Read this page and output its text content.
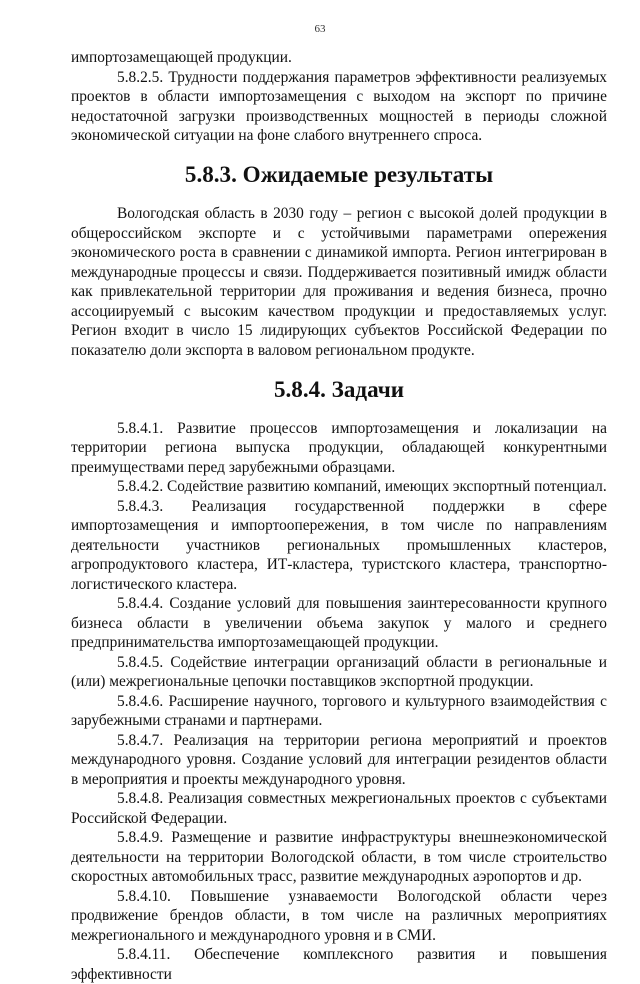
63

импортозамещающей продукции.

5.8.2.5. Трудности поддержания параметров эффективности реализуемых проектов в области импортозамещения с выходом на экспорт по причине недостаточной загрузки производственных мощностей в периоды сложной экономической ситуации на фоне слабого внутреннего спроса.

5.8.3. Ожидаемые результаты

Вологодская область в 2030 году – регион с высокой долей продукции в общероссийском экспорте и с устойчивыми параметрами опережения экономического роста в сравнении с динамикой импорта. Регион интегрирован в международные процессы и связи. Поддерживается позитивный имидж области как привлекательной территории для проживания и ведения бизнеса, прочно ассоциируемый с высоким качеством продукции и предоставляемых услуг. Регион входит в число 15 лидирующих субъектов Российской Федерации по показателю доли экспорта в валовом региональном продукте.

5.8.4. Задачи

5.8.4.1. Развитие процессов импортозамещения и локализации на территории региона выпуска продукции, обладающей конкурентными преимуществами перед зарубежными образцами.

5.8.4.2. Содействие развитию компаний, имеющих экспортный потенциал.

5.8.4.3. Реализация государственной поддержки в сфере импортозамещения и импортоопережения, в том числе по направлениям деятельности участников региональных промышленных кластеров, агропродуктового кластера, ИТ-кластера, туристского кластера, транспортно-логистического кластера.

5.8.4.4. Создание условий для повышения заинтересованности крупного бизнеса области в увеличении объема закупок у малого и среднего предпринимательства импортозамещающей продукции.

5.8.4.5. Содействие интеграции организаций области в региональные и (или) межрегиональные цепочки поставщиков экспортной продукции.

5.8.4.6. Расширение научного, торгового и культурного взаимодействия с зарубежными странами и партнерами.

5.8.4.7. Реализация на территории региона мероприятий и проектов международного уровня. Создание условий для интеграции резидентов области в мероприятия и проекты международного уровня.

5.8.4.8. Реализация совместных межрегиональных проектов с субъектами Российской Федерации.

5.8.4.9. Размещение и развитие инфраструктуры внешнеэкономической деятельности на территории Вологодской области, в том числе строительство скоростных автомобильных трасс, развитие международных аэропортов и др.

5.8.4.10. Повышение узнаваемости Вологодской области через продвижение брендов области, в том числе на различных мероприятиях межрегионального и международного уровня и в СМИ.

5.8.4.11. Обеспечение комплексного развития и повышения эффективности
